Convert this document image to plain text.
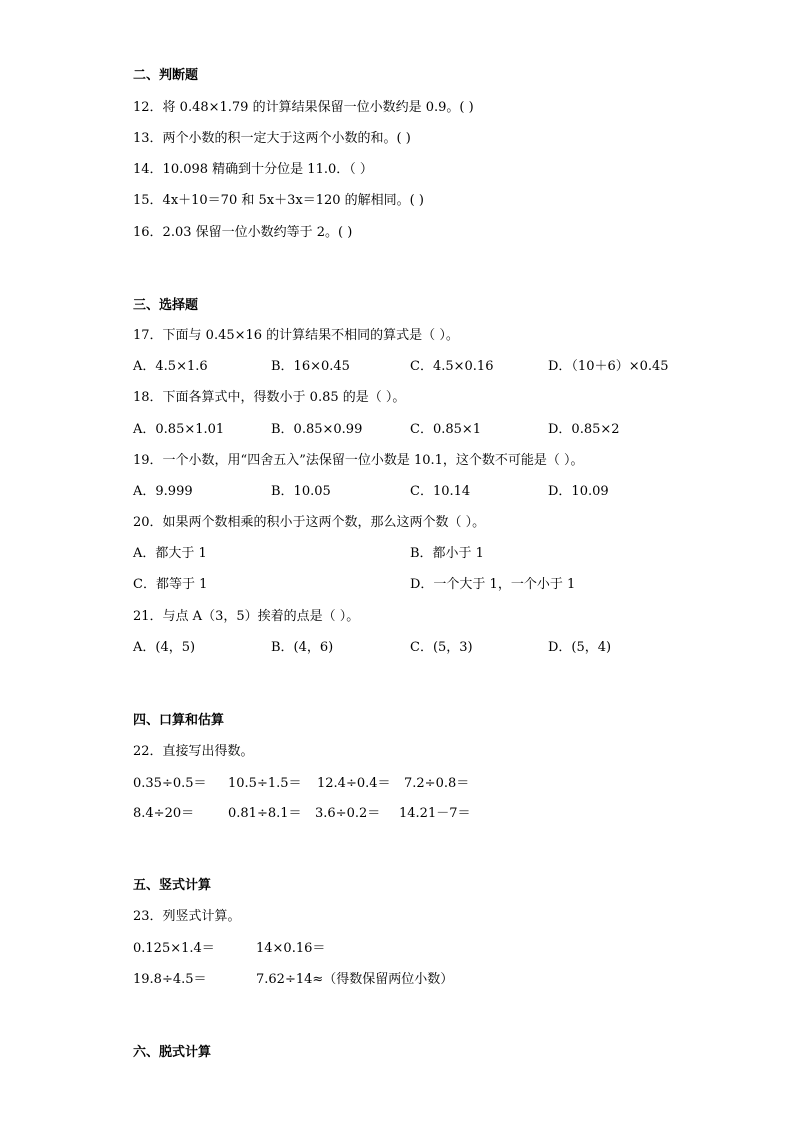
二、判断题
12．将 0.48×1.79 的计算结果保留一位小数约是 0.9。( )
13．两个小数的积一定大于这两个小数的和。( )
14．10.098 精确到十分位是 11.0．（ ）
15．4x＋10＝70 和 5x＋3x＝120 的解相同。( )
16．2.03 保留一位小数约等于 2。( )
三、选择题
17．下面与 0.45×16 的计算结果不相同的算式是（ ）。
A．4.5×1.6	B．16×0.45	C．4.5×0.16	D．（10＋6）×0.45
18．下面各算式中，得数小于 0.85 的是（ ）。
A．0.85×1.01	B．0.85×0.99	C．0.85×1	D．0.85×2
19．一个小数，用“四舍五入”法保留一位小数是 10.1，这个数不可能是（ ）。
A．9.999	B．10.05	C．10.14	D．10.09
20．如果两个数相乘的积小于这两个数，那么这两个数（ ）。
A．都大于 1	B．都小于 1
C．都等于 1	D．一个大于 1，一个小于 1
21．与点 A（3，5）挨着的点是（ ）。
A．(4，5)	B．(4，6)	C．(5，3)	D．(5，4)
四、口算和估算
22．直接写出得数。
0.35÷0.5＝ 10.5÷1.5＝ 12.4÷0.4＝ 7.2÷0.8＝
8.4÷20＝	0.81÷8.1＝ 3.6÷0.2＝ 14.21－7＝
五、竖式计算
23．列竖式计算。
0.125×1.4＝	14×0.16＝
19.8÷4.5＝	7.62÷14≈（得数保留两位小数）
六、脱式计算
